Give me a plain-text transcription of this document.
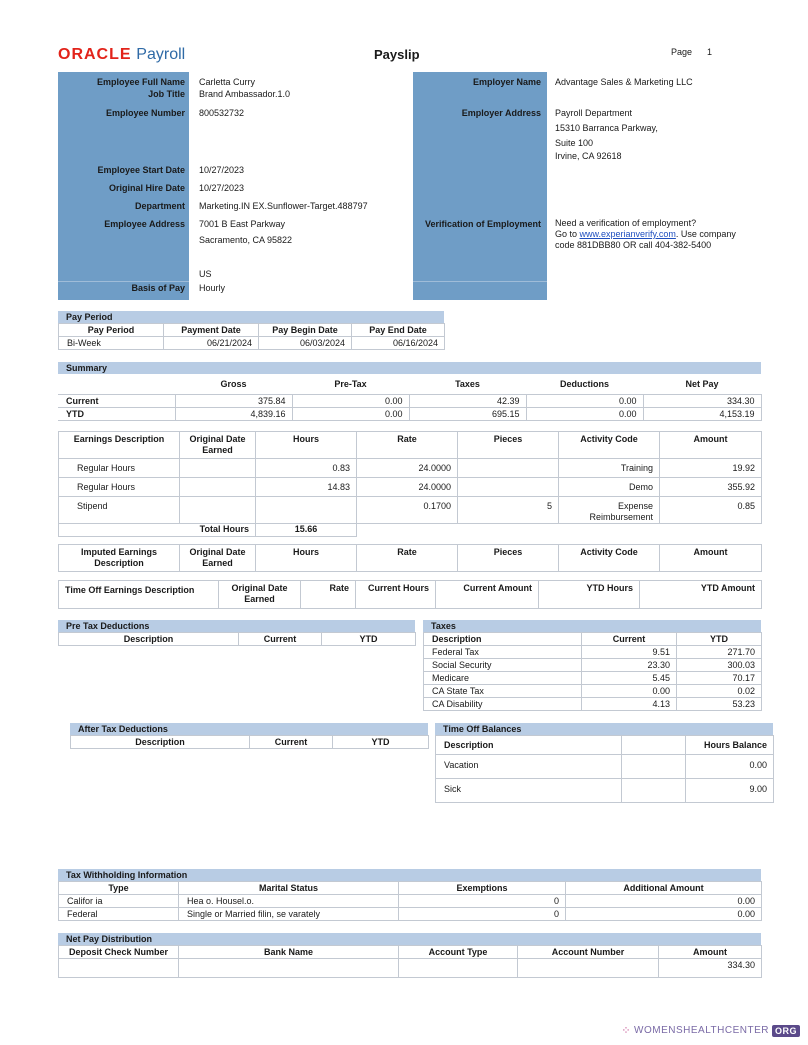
ORACLE Payroll	Payslip	Page 1
Employee Full Name Carletta Curry
Job Title Brand Ambassador.1.0
Employee Number 800532732
Employee Start Date 10/27/2023
Original Hire Date 10/27/2023
Department Marketing.IN EX.Sunflower-Target.488797
Employee Address 7001 B East Parkway
Sacramento, CA 95822
US
Basis of Pay Hourly
Employer Name Advantage Sales & Marketing LLC
Employer Address Payroll Department
15310 Barranca Parkway,
Suite 100
Irvine, CA 92618
Verification of Employment Need a verification of employment?
Go to www.experianverify.com. Use company
code 881DBB80 OR call 404-382-5400
Pay Period
Pay Period	Payment Date	Pay Begin Date	Pay End Date
Bi-Week	06/21/2024	06/03/2024	06/16/2024
Summary
	Gross	Pre-Tax	Taxes	Deductions	Net Pay
Current	375.84	0.00	42.39	0.00	334.30
YTD	4,839.16	0.00	695.15	0.00	4,153.19
Earnings Description	Original Date Earned	Hours	Rate	Pieces	Activity Code	Amount
Regular Hours		0.83	24.0000		Training	19.92
Regular Hours		14.83	24.0000		Demo	355.92
Stipend			0.1700	5	Expense Reimbursement	0.85
	Total Hours	15.66				
Imputed Earnings Description	Original Date Earned	Hours	Rate	Pieces	Activity Code	Amount
Time Off Earnings Description	Original Date Earned	Rate	Current Hours	Current Amount	YTD Hours	YTD Amount
Pre Tax Deductions
Description	Current	YTD
Taxes
Description	Current	YTD
Federal Tax	9.51	271.70
Social Security	23.30	300.03
Medicare	5.45	70.17
CA State Tax	0.00	0.02
CA Disability	4.13	53.23
After Tax Deductions
Description	Current	YTD
Time Off Balances
Description		Hours Balance
Vacation		0.00
Sick		9.00
Tax Withholding Information
Type	Marital Status	Exemptions	Additional Amount
Califor ia	Hea o. Housel.o.	0	0.00
Federal	Single or Married filin, se varately	0	0.00
Net Pay Distribution
Deposit Check Number	Bank Name	Account Type	Account Number	Amount
				334.30
⁘ WOMENSHEALTHCENTER ORG
